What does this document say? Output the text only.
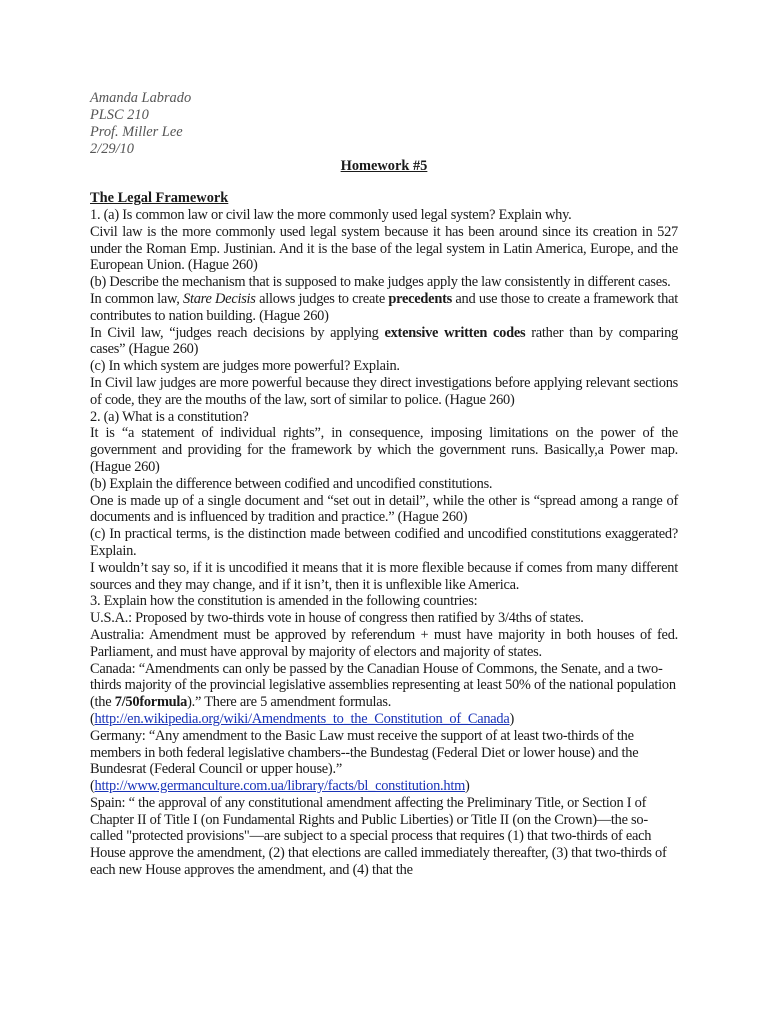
Amanda Labrado
PLSC 210
Prof. Miller Lee
2/29/10
Homework #5
The Legal Framework

1. (a) Is common law or civil law the more commonly used legal system? Explain why.

Civil law is the more commonly used legal system because it has been around since its creation in 527 under the Roman Emp. Justinian. And it is the base of the legal system in Latin America, Europe, and the European Union. (Hague 260)

(b) Describe the mechanism that is supposed to make judges apply the law consistently in different cases.

In common law, Stare Decisis allows judges to create precedents and use those to create a framework that contributes to nation building. (Hague 260)

In Civil law, “judges reach decisions by applying extensive written codes rather than by comparing cases” (Hague 260)

(c) In which system are judges more powerful? Explain.

In Civil law judges are more powerful because they direct investigations before applying relevant sections of code, they are the mouths of the law, sort of similar to police. (Hague 260)

2. (a) What is a constitution?

It is “a statement of individual rights”, in consequence, imposing limitations on the power of the government and providing for the framework by which the government runs. Basically,a Power map. (Hague 260)

(b) Explain the difference between codified and uncodified constitutions.

One is made up of a single document and “set out in detail”, while the other is “spread among a range of documents and is influenced by tradition and practice.” (Hague 260)

(c) In practical terms, is the distinction made between codified and uncodified constitutions exaggerated? Explain.

I wouldn’t say so, if it is uncodified it means that it is more flexible because if comes from many different sources and they may change, and if it isn’t, then it is unflexible like America.

3. Explain how the constitution is amended in the following countries:

U.S.A.: Proposed by two-thirds vote in house of congress then ratified by 3/4ths of states.

Australia: Amendment must be approved by referendum + must have majority in both houses of fed. Parliament, and must have approval by majority of electors and majority of states.

Canada: “Amendments can only be passed by the Canadian House of Commons, the Senate, and a two-thirds majority of the provincial legislative assemblies representing at least 50% of the national population (the 7/50formula).” There are 5 amendment formulas.

(http://en.wikipedia.org/wiki/Amendments_to_the_Constitution_of_Canada)

Germany: “Any amendment to the Basic Law must receive the support of at least two-thirds of the members in both federal legislative chambers--the Bundestag (Federal Diet or lower house) and the Bundesrat (Federal Council or upper house).”

(http://www.germanculture.com.ua/library/facts/bl_constitution.htm)

Spain: “ the approval of any constitutional amendment affecting the Preliminary Title, or Section I of Chapter II of Title I (on Fundamental Rights and Public Liberties) or Title II (on the Crown)—the so-called "protected provisions"—are subject to a special process that requires (1) that two-thirds of each House approve the amendment, (2) that elections are called immediately thereafter, (3) that two-thirds of each new House approves the amendment, and (4) that the
